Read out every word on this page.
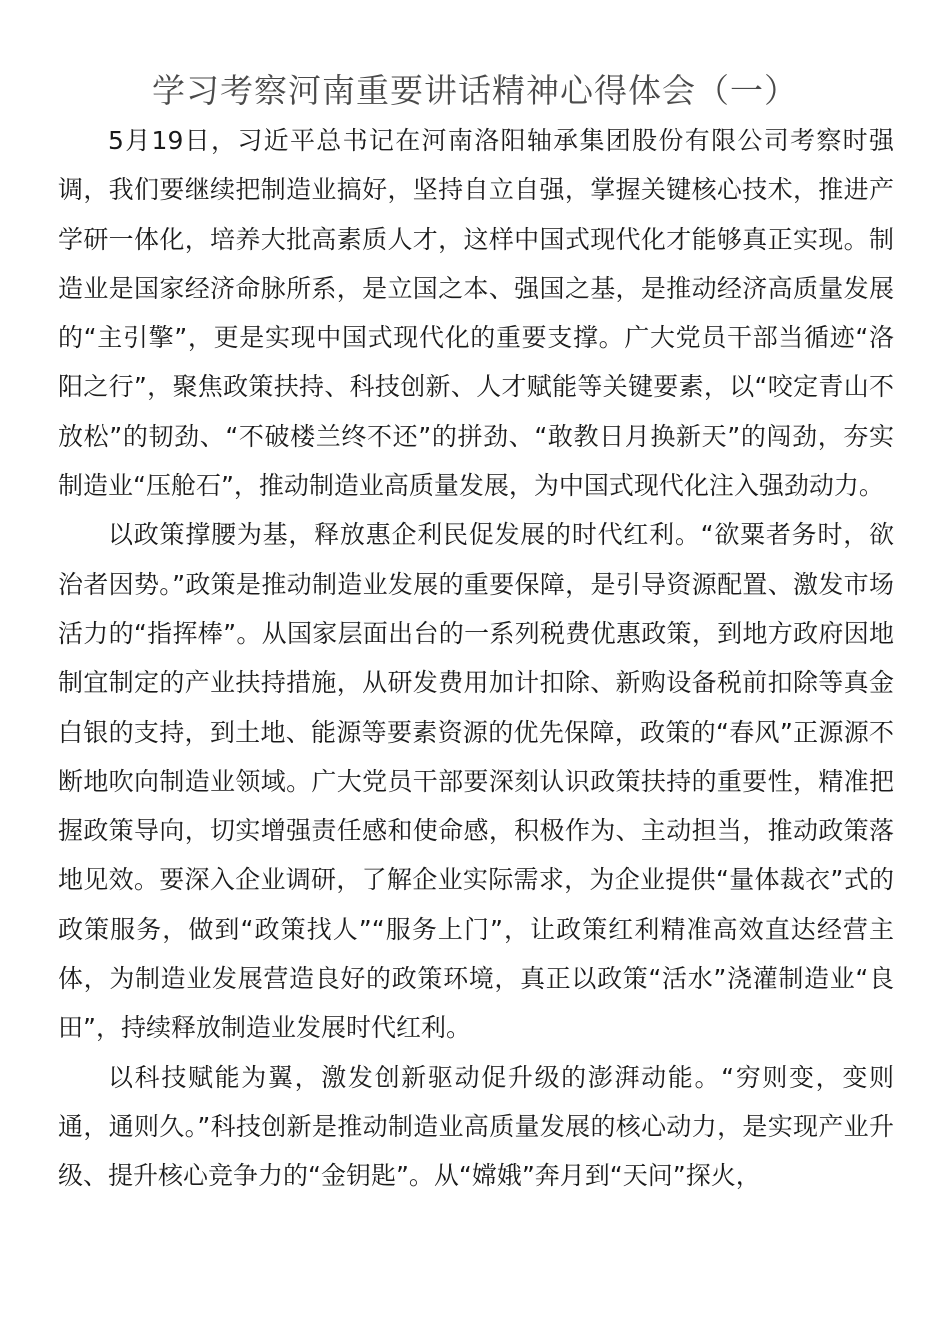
学习考察河南重要讲话精神心得体会（一）

5月19日，习近平总书记在河南洛阳轴承集团股份有限公司考察时强调，我们要继续把制造业搞好，坚持自立自强，掌握关键核心技术，推进产学研一体化，培养大批高素质人才，这样中国式现代化才能够真正实现。制造业是国家经济命脉所系，是立国之本、强国之基，是推动经济高质量发展的“主引擎”，更是实现中国式现代化的重要支撑。广大党员干部当循迹“洛阳之行”，聚焦政策扶持、科技创新、人才赋能等关键要素，以“咬定青山不放松”的韧劲、“不破楼兰终不还”的拼劲、“敢教日月换新天”的闯劲，夯实制造业“压舱石”，推动制造业高质量发展，为中国式现代化注入强劲动力。

以政策撑腰为基，释放惠企利民促发展的时代红利。“欲粟者务时，欲治者因势。”政策是推动制造业发展的重要保障，是引导资源配置、激发市场活力的“指挥棒”。从国家层面出台的一系列税费优惠政策，到地方政府因地制宜制定的产业扶持措施，从研发费用加计扣除、新购设备税前扣除等真金白银的支持，到土地、能源等要素资源的优先保障，政策的“春风”正源源不断地吹向制造业领域。广大党员干部要深刻认识政策扶持的重要性，精准把握政策导向，切实增强责任感和使命感，积极作为、主动担当，推动政策落地见效。要深入企业调研，了解企业实际需求，为企业提供“量体裁衣”式的政策服务，做到“政策找人”“服务上门”，让政策红利精准高效直达经营主体，为制造业发展营造良好的政策环境，真正以政策“活水”浇灌制造业“良田”，持续释放制造业发展时代红利。

以科技赋能为翼，激发创新驱动促升级的澎湃动能。“穷则变，变则通，通则久。”科技创新是推动制造业高质量发展的核心动力，是实现产业升级、提升核心竞争力的“金钥匙”。从“嫦娥”奔月到“天问”探火，
